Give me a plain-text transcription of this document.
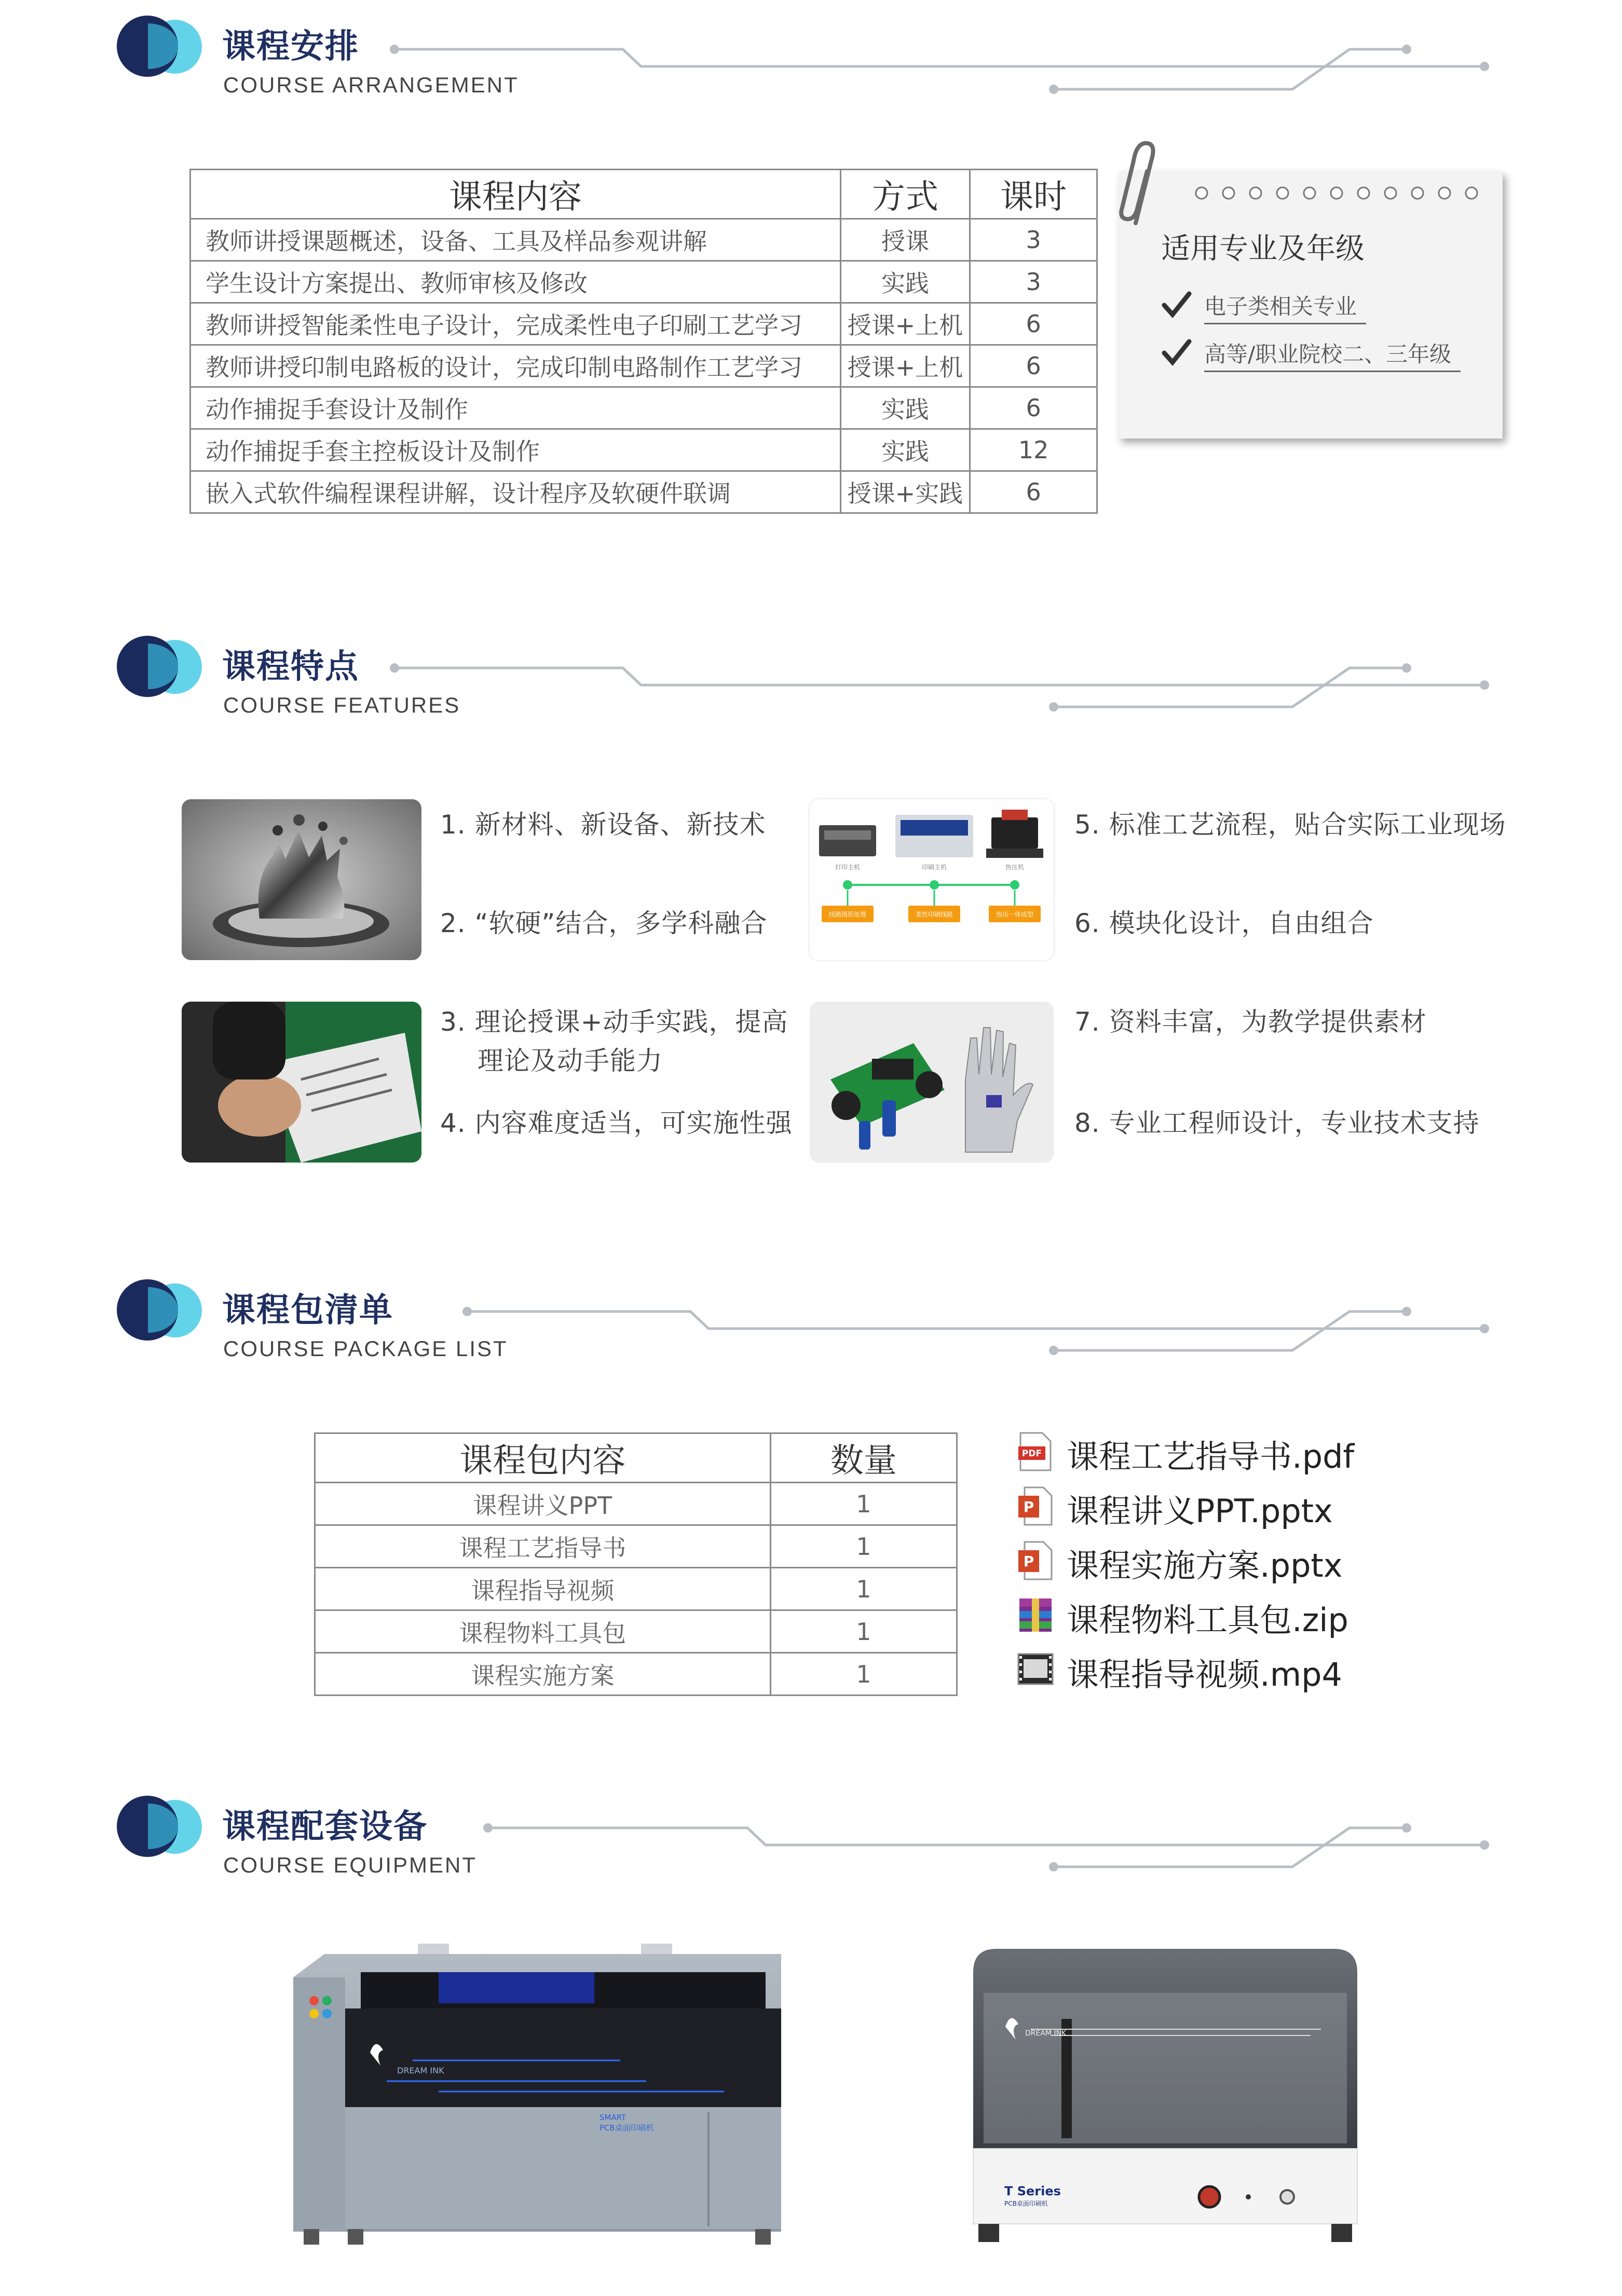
课程安排
COURSE ARRANGEMENT
课程内容	方式	课时
教师讲授课题概述，设备、工具及样品参观讲解	授课	3
学生设计方案提出、教师审核及修改	实践	3
教师讲授智能柔性电子设计，完成柔性电子印刷工艺学习	授课+上机	6
教师讲授印制电路板的设计，完成印制电路制作工艺学习	授课+上机	6
动作捕捉手套设计及制作	实践	6
动作捕捉手套主控板设计及制作	实践	12
嵌入式软件编程课程讲解，设计程序及软硬件联调	授课+实践	6
适用专业及年级
电子类相关专业
高等/职业院校二、三年级
课程特点
COURSE FEATURES
1. 新材料、新设备、新技术
2. “软硬”结合，多学科融合
打印主机	印刷主机	热压机
线路图形处理	柔性印刷线路	热压一体成型
5. 标准工艺流程，贴合实际工业现场
6. 模块化设计，自由组合
3. 理论授课+动手实践，提高
理论及动手能力
4. 内容难度适当，可实施性强
7. 资料丰富，为教学提供素材
8. 专业工程师设计，专业技术支持
课程包清单
COURSE PACKAGE LIST
课程包内容	数量
课程讲义PPT	1
课程工艺指导书	1
课程指导视频	1
课程物料工具包	1
课程实施方案	1
PDF 课程工艺指导书.pdf
P 课程讲义PPT.pptx
P 课程实施方案.pptx
课程物料工具包.zip
课程指导视频.mp4
课程配套设备
COURSE EQUIPMENT
DREAM INK
SMART
PCB桌面印刷机
DREAM INK
T Series
PCB桌面印刷机
